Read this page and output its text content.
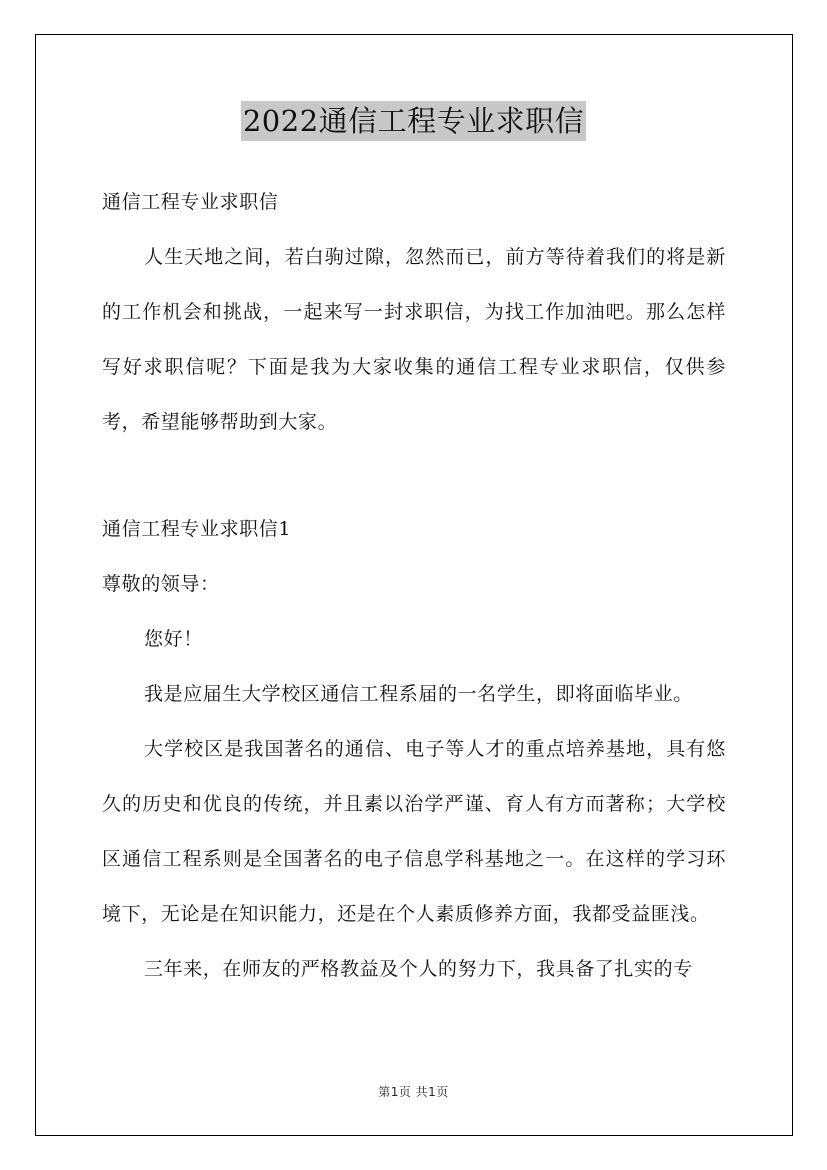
2022通信工程专业求职信

通信工程专业求职信

人生天地之间，若白驹过隙，忽然而已，前方等待着我们的将是新的工作机会和挑战，一起来写一封求职信，为找工作加油吧。那么怎样写好求职信呢？下面是我为大家收集的通信工程专业求职信，仅供参考，希望能够帮助到大家。

通信工程专业求职信1

尊敬的领导：

您好！

我是应届生大学校区通信工程系届的一名学生，即将面临毕业。

大学校区是我国著名的通信、电子等人才的重点培养基地，具有悠久的历史和优良的传统，并且素以治学严谨、育人有方而著称；大学校区通信工程系则是全国著名的电子信息学科基地之一。在这样的学习环境下，无论是在知识能力，还是在个人素质修养方面，我都受益匪浅。

三年来，在师友的严格教益及个人的努力下，我具备了扎实的专

第1页 共1页
